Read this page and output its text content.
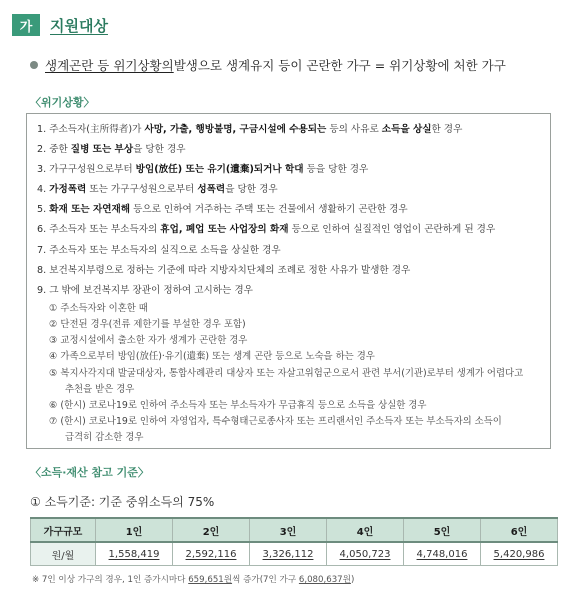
가	지원대상
생계곤란 등 위기상황의 발생으로 생계유지 등이 곤란한 가구 = 위기상황에 처한 가구
〈위기상황〉
1. 주소득자(主所得者)가 사망, 가출, 행방불명, 구금시설에 수용되는 등의 사유로 소득을 상실한 경우
2. 중한 질병 또는 부상을 당한 경우
3. 가구구성원으로부터 방임(放任) 또는 유기(遺棄)되거나 학대 등을 당한 경우
4. 가정폭력 또는 가구구성원으로부터 성폭력을 당한 경우
5. 화재 또는 자연재해 등으로 인하여 거주하는 주택 또는 건물에서 생활하기 곤란한 경우
6. 주소득자 또는 부소득자의 휴업, 폐업 또는 사업장의 화재 등으로 인하여 실질적인 영업이 곤란하게 된 경우
7. 주소득자 또는 부소득자의 실직으로 소득을 상실한 경우
8. 보건복지부령으로 정하는 기준에 따라 지방자치단체의 조례로 정한 사유가 발생한 경우
9. 그 밖에 보건복지부 장관이 정하여 고시하는 경우
① 주소득자와 이혼한 때
② 단전된 경우(전류 제한기를 부설한 경우 포함)
③ 교정시설에서 출소한 자가 생계가 곤란한 경우
④ 가족으로부터 방임(放任)·유기(遺棄) 또는 생계 곤란 등으로 노숙을 하는 경우
⑤ 복지사각지대 발굴대상자, 통합사례관리 대상자 또는 자살고위험군으로서 관련 부서(기관)로부터 생계가 어렵다고
추천을 받은 경우
⑥ (한시) 코로나19로 인하여 주소득자 또는 부소득자가 무급휴직 등으로 소득을 상실한 경우
⑦ (한시) 코로나19로 인하여 자영업자, 특수형태근로종사자 또는 프리랜서인 주소득자 또는 부소득자의 소득이
급격히 감소한 경우
〈소득·재산 참고 기준〉
① 소득기준: 기준 중위소득의 75%
가구규모	1인	2인	3인	4인	5인	6인
원/월	1,558,419	2,592,116	3,326,112	4,050,723	4,748,016	5,420,986
※ 7인 이상 가구의 경우, 1인 증가시마다 659,651원씩 증가(7인 가구 6,080,637원)
